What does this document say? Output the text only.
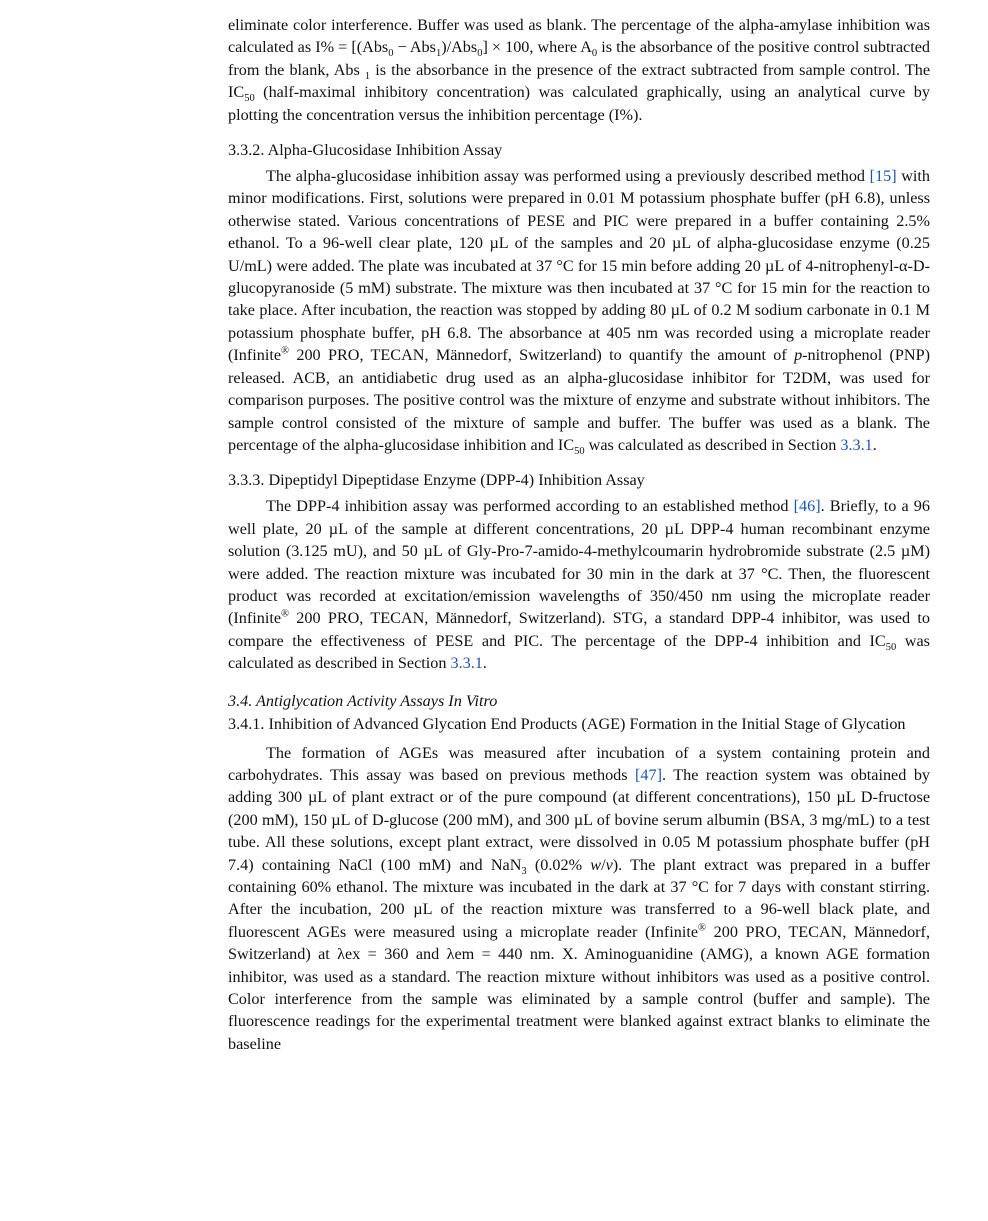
eliminate color interference. Buffer was used as blank. The percentage of the alpha-amylase inhibition was calculated as I% = [(Abs$_0$ − Abs$_1$)/Abs$_0$] × 100, where $A_0$ is the absorbance of the positive control subtracted from the blank, Abs $_1$ is the absorbance in the presence of the extract subtracted from sample control. The $IC_{50}$ (half-maximal inhibitory concentration) was calculated graphically, using an analytical curve by plotting the concentration versus the inhibition percentage (I%).

3.3.2. Alpha-Glucosidase Inhibition Assay

The alpha-glucosidase inhibition assay was performed using a previously described method [15] with minor modifications. First, solutions were prepared in 0.01 M potassium phosphate buffer (pH 6.8), unless otherwise stated. Various concentrations of PESE and PIC were prepared in a buffer containing 2.5% ethanol. To a 96-well clear plate, 120 µL of the samples and 20 µL of alpha-glucosidase enzyme (0.25 U/mL) were added. The plate was incubated at 37 °C for 15 min before adding 20 µL of 4-nitrophenyl-α-D-glucopyranoside (5 mM) substrate. The mixture was then incubated at 37 °C for 15 min for the reaction to take place. After incubation, the reaction was stopped by adding 80 µL of 0.2 M sodium carbonate in 0.1 M potassium phosphate buffer, pH 6.8. The absorbance at 405 nm was recorded using a microplate reader (Infinite® 200 PRO, TECAN, Männedorf, Switzerland) to quantify the amount of p-nitrophenol (PNP) released. ACB, an antidiabetic drug used as an alpha-glucosidase inhibitor for T2DM, was used for comparison purposes. The positive control was the mixture of enzyme and substrate without inhibitors. The sample control consisted of the mixture of sample and buffer. The buffer was used as a blank. The percentage of the alpha-glucosidase inhibition and $IC_{50}$ was calculated as described in Section 3.3.1.

3.3.3. Dipeptidyl Dipeptidase Enzyme (DPP-4) Inhibition Assay

The DPP-4 inhibition assay was performed according to an established method [46]. Briefly, to a 96 well plate, 20 µL of the sample at different concentrations, 20 µL DPP-4 human recombinant enzyme solution (3.125 mU), and 50 µL of Gly-Pro-7-amido-4-methylcoumarin hydrobromide substrate (2.5 µM) were added. The reaction mixture was incubated for 30 min in the dark at 37 °C. Then, the fluorescent product was recorded at excitation/emission wavelengths of 350/450 nm using the microplate reader (Infinite® 200 PRO, TECAN, Männedorf, Switzerland). STG, a standard DPP-4 inhibitor, was used to compare the effectiveness of PESE and PIC. The percentage of the DPP-4 inhibition and $IC_{50}$ was calculated as described in Section 3.3.1.

3.4. Antiglycation Activity Assays In Vitro
3.4.1. Inhibition of Advanced Glycation End Products (AGE) Formation in the Initial Stage of Glycation

The formation of AGEs was measured after incubation of a system containing protein and carbohydrates. This assay was based on previous methods [47]. The reaction system was obtained by adding 300 µL of plant extract or of the pure compound (at different concentrations), 150 µL D-fructose (200 mM), 150 µL of D-glucose (200 mM), and 300 µL of bovine serum albumin (BSA, 3 mg/mL) to a test tube. All these solutions, except plant extract, were dissolved in 0.05 M potassium phosphate buffer (pH 7.4) containing NaCl (100 mM) and NaN$_3$ (0.02% w/v). The plant extract was prepared in a buffer containing 60% ethanol. The mixture was incubated in the dark at 37 °C for 7 days with constant stirring. After the incubation, 200 µL of the reaction mixture was transferred to a 96-well black plate, and fluorescent AGEs were measured using a microplate reader (Infinite® 200 PRO, TECAN, Männedorf, Switzerland) at λex = 360 and λem = 440 nm. X. Aminoguanidine (AMG), a known AGE formation inhibitor, was used as a standard. The reaction mixture without inhibitors was used as a positive control. Color interference from the sample was eliminated by a sample control (buffer and sample). The fluorescence readings for the experimental treatment were blanked against extract blanks to eliminate the baseline
